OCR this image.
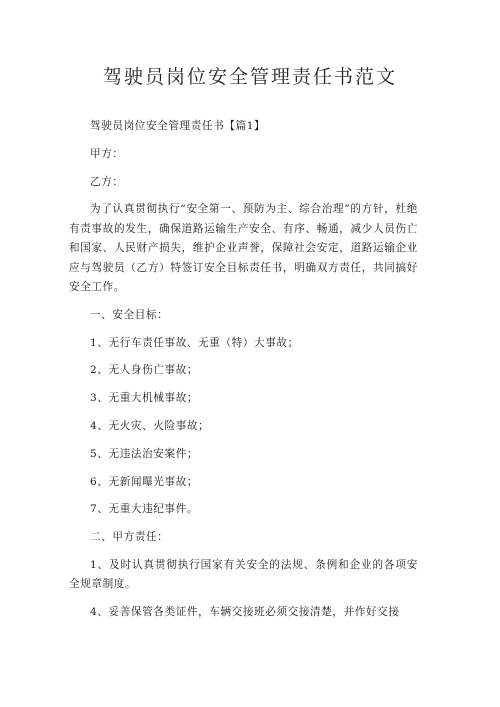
驾驶员岗位安全管理责任书范文

驾驶员岗位安全管理责任书【篇1】

甲方：

乙方：

为了认真贯彻执行“安全第一、预防为主、综合治理”的方针，杜绝有责事故的发生，确保道路运输生产安全、有序、畅通，减少人员伤亡和国家、人民财产损失，维护企业声誉，保障社会安定，道路运输企业应与驾驶员（乙方）特签订安全目标责任书，明确双方责任，共同搞好安全工作。

一、安全目标：

1、无行车责任事故、无重（特）大事故；

2、无人身伤亡事故；

3、无重大机械事故；

4、无火灾、火险事故；

5、无违法治安案件；

6、无新闻曝光事故；

7、无重大违纪事件。

二、甲方责任：

1、及时认真贯彻执行国家有关安全的法规、条例和企业的各项安全规章制度。

4、妥善保管各类证件，车辆交接班必须交接清楚，并作好交接
